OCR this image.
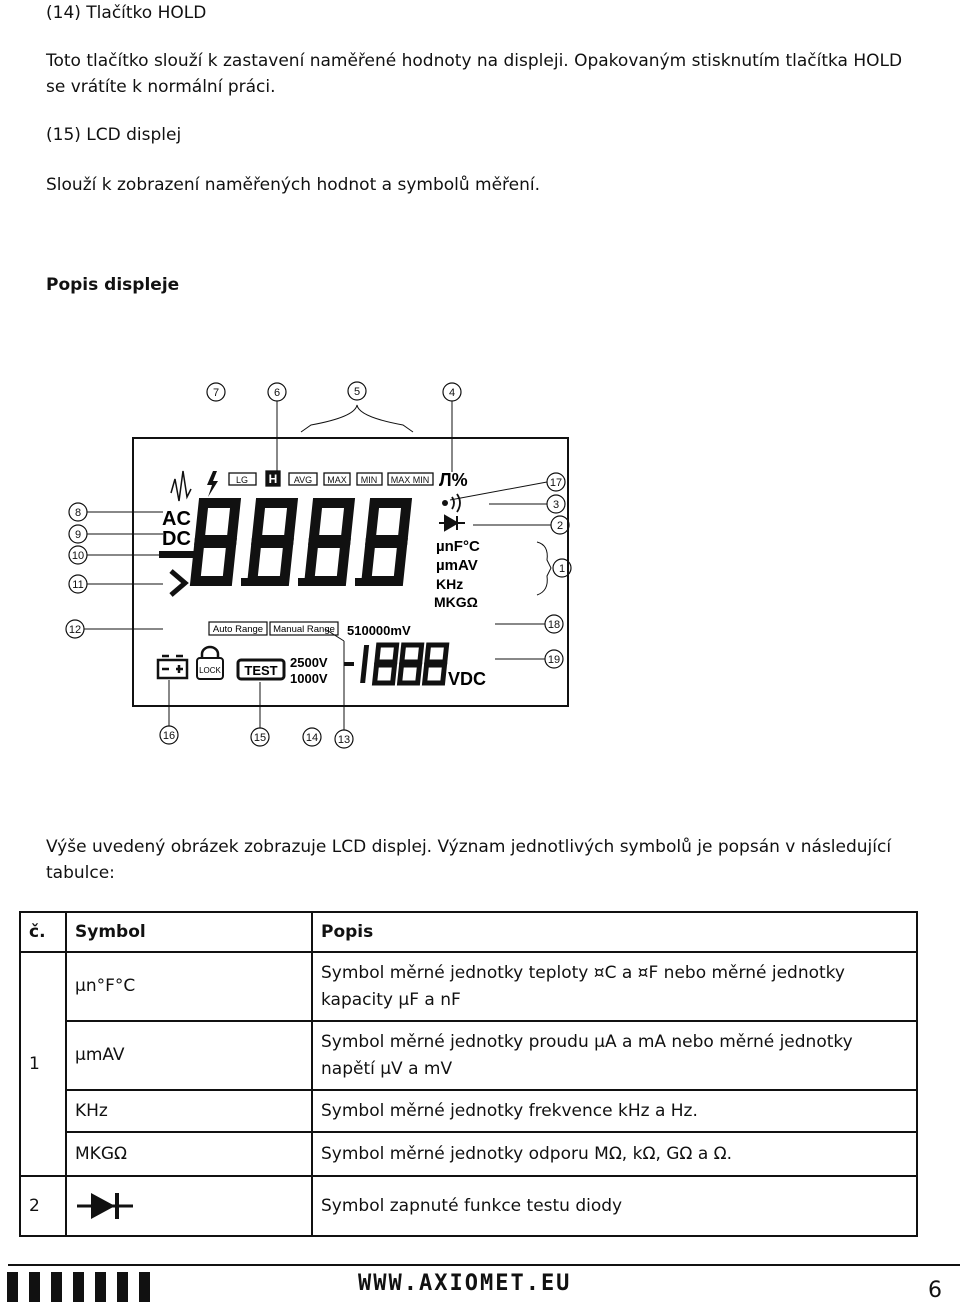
(14) Tlačítko HOLD

Toto tlačítko slouží k zastavení naměřené hodnoty na displeji. Opakovaným stisknutím tlačítka HOLD se vrátíte k normální práci.

(15) LCD displej

Slouží k zobrazení naměřených hodnot a symbolů měření.

Popis displeje

7	6	5	4
8
9
10
11
12
17
3
2
1
18
19
16	15	14 13
LG H AVG MAX MIN MAX MIN Л%
AC
DC	µnF°C
µmAV
KHz
MKGΩ
Auto Range Manual Range 510000mV
LOCK TEST
2500V
1000V	VDC

Výše uvedený obrázek zobrazuje LCD displej. Význam jednotlivých symbolů je popsán v následující tabulce:

č.	Symbol	Popis
1	µn°F°C	Symbol měrné jednotky teploty ¤C a ¤F nebo měrné jednotky kapacity µF a nF
	µmAV	Symbol měrné jednotky proudu µA a mA nebo měrné jednotky napětí µV a mV
	KHz	Symbol měrné jednotky frekvence kHz a Hz.
	MKGΩ	Symbol měrné jednotky odporu MΩ, kΩ, GΩ a Ω.
2		Symbol zapnuté funkce testu diody
WWW.AXIOMET.EU	6
